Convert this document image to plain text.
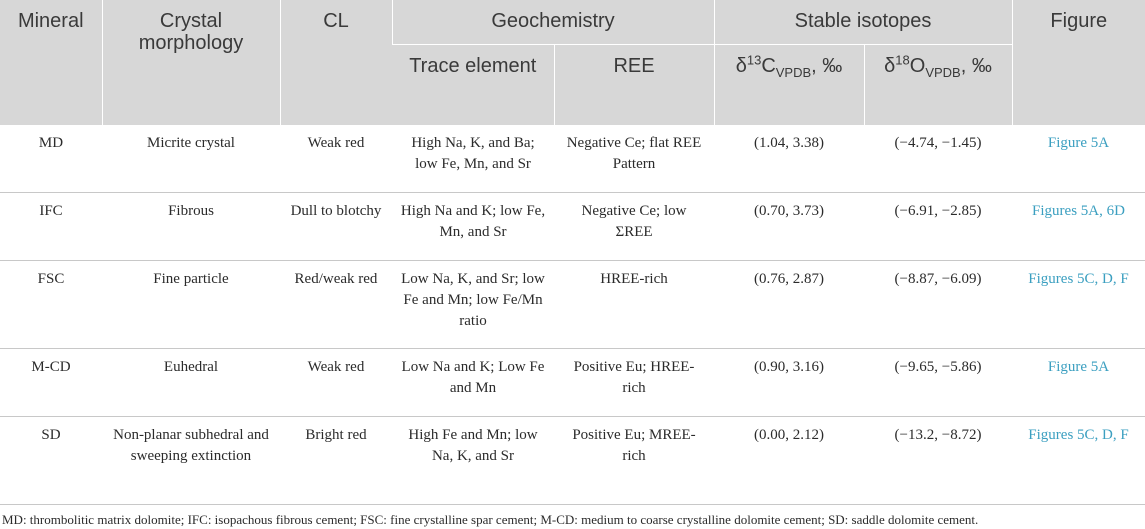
Mineral	Crystal morphology	CL	Geochemistry		Stable isotopes		Figure
			Trace element	REE	$\delta^{13}C_{VPDB}$, ‰	$\delta^{18}O_{VPDB}$, ‰	
MD	Micrite crystal	Weak red	High Na, K, and Ba; low Fe, Mn, and Sr	Negative Ce; flat REE Pattern	(1.04, 3.38)	(−4.74, −1.45)	Figure 5A
IFC	Fibrous	Dull to blotchy	High Na and K; low Fe, Mn, and Sr	Negative Ce; low ΣREE	(0.70, 3.73)	(−6.91, −2.85)	Figures 5A, 6D
FSC	Fine particle	Red/weak red	Low Na, K, and Sr; low Fe and Mn; low Fe/Mn ratio	HREE-rich	(0.76, 2.87)	(−8.87, −6.09)	Figures 5C, D, F
M-CD	Euhedral	Weak red	Low Na and K; Low Fe and Mn	Positive Eu; HREE-rich	(0.90, 3.16)	(−9.65, −5.86)	Figure 5A
SD	Non-planar subhedral and sweeping extinction	Bright red	High Fe and Mn; low Na, K, and Sr	Positive Eu; MREE-rich	(0.00, 2.12)	(−13.2, −8.72)	Figures 5C, D, F
MD: thrombolitic matrix dolomite; IFC: isopachous fibrous cement; FSC: fine crystalline spar cement; M-CD: medium to coarse crystalline dolomite cement; SD: saddle dolomite cement.
